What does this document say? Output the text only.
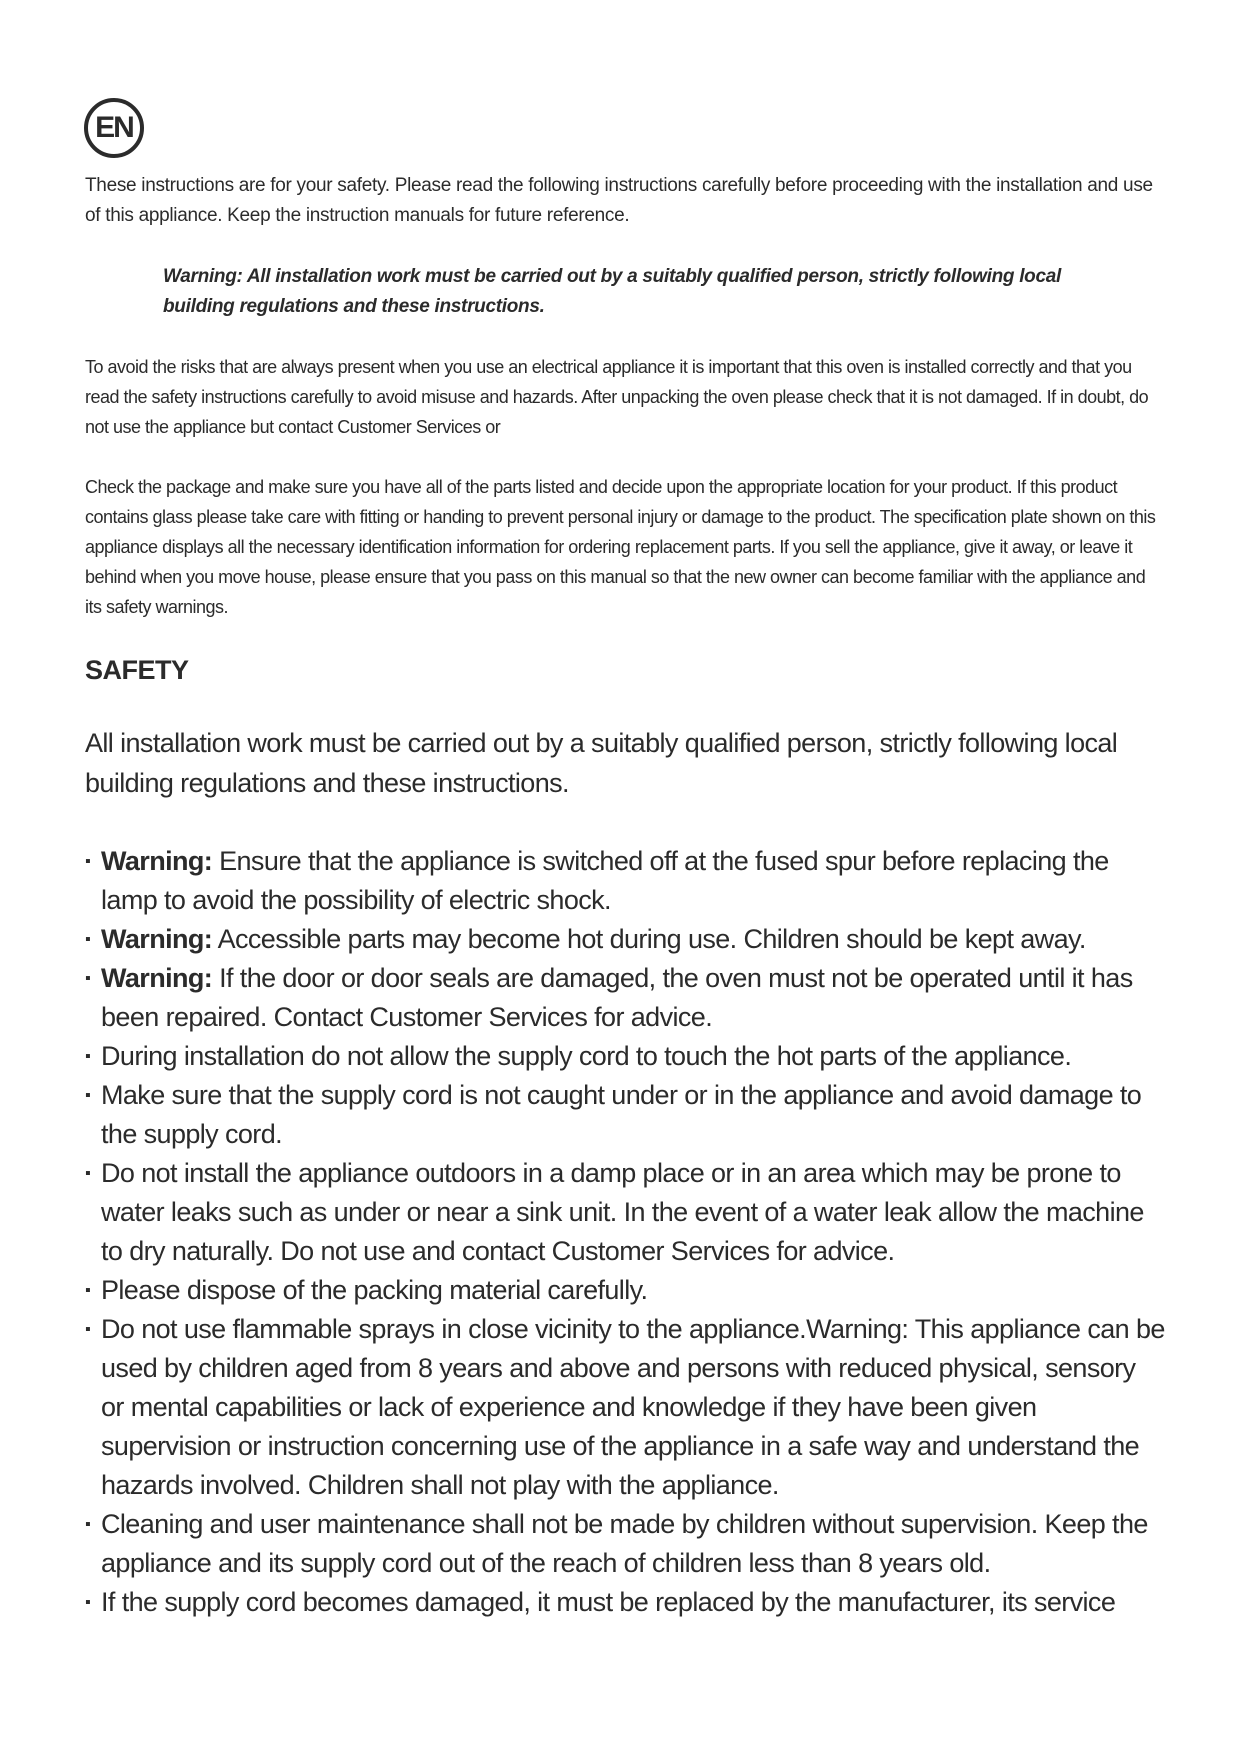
EN

These instructions are for your safety. Please read the following instructions carefully before proceeding with the installation and use of this appliance. Keep the instruction manuals for future reference.

Warning: All installation work must be carried out by a suitably qualified person, strictly following local building regulations and these instructions.

To avoid the risks that are always present when you use an electrical appliance it is important that this oven is installed correctly and that you read the safety instructions carefully to avoid misuse and hazards. After unpacking the oven please check that it is not damaged. If in doubt, do not use the appliance but contact Customer Services or

Check the package and make sure you have all of the parts listed and decide upon the appropriate location for your product. If this product contains glass please take care with fitting or handing to prevent personal injury or damage to the product. The specification plate shown on this appliance displays all the necessary identification information for ordering replacement parts. If you sell the appliance, give it away, or leave it behind when you move house, please ensure that you pass on this manual so that the new owner can become familiar with the appliance and its safety warnings.

SAFETY

All installation work must be carried out by a suitably qualified person, strictly following local building regulations and these instructions.

▪ Warning: Ensure that the appliance is switched off at the fused spur before replacing the lamp to avoid the possibility of electric shock.
▪ Warning: Accessible parts may become hot during use. Children should be kept away.
▪ Warning: If the door or door seals are damaged, the oven must not be operated until it has been repaired. Contact Customer Services for advice.
▪ During installation do not allow the supply cord to touch the hot parts of the appliance.
▪ Make sure that the supply cord is not caught under or in the appliance and avoid damage to the supply cord.
▪ Do not install the appliance outdoors in a damp place or in an area which may be prone to water leaks such as under or near a sink unit. In the event of a water leak allow the machine to dry naturally. Do not use and contact Customer Services for advice.
▪ Please dispose of the packing material carefully.
▪ Do not use flammable sprays in close vicinity to the appliance.Warning: This appliance can be used by children aged from 8 years and above and persons with reduced physical, sensory or mental capabilities or lack of experience and knowledge if they have been given supervision or instruction concerning use of the appliance in a safe way and understand the hazards involved. Children shall not play with the appliance.
▪ Cleaning and user maintenance shall not be made by children without supervision. Keep the appliance and its supply cord out of the reach of children less than 8 years old.
▪ If the supply cord becomes damaged, it must be replaced by the manufacturer, its service
